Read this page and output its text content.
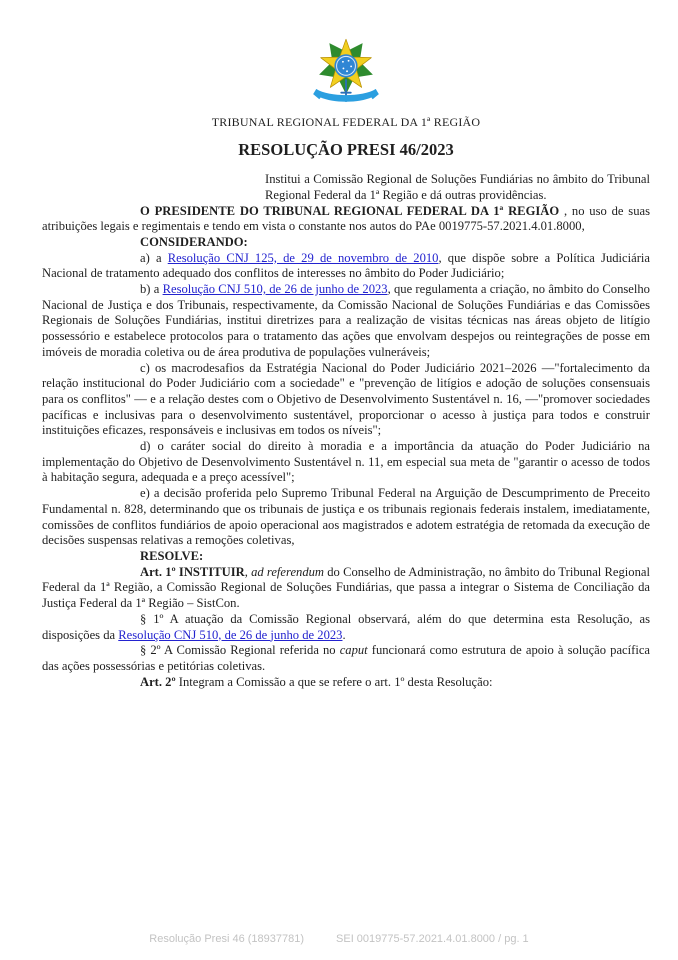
TRIBUNAL REGIONAL FEDERAL DA 1ª REGIÃO
RESOLUÇÃO PRESI 46/2023
Institui a Comissão Regional de Soluções Fundiárias no âmbito do Tribunal Regional Federal da 1ª Região e dá outras providências.

O PRESIDENTE DO TRIBUNAL REGIONAL FEDERAL DA 1ª REGIÃO , no uso de suas atribuições legais e regimentais e tendo em vista o constante nos autos do PAe 0019775-57.2021.4.01.8000,

CONSIDERANDO:

a) a Resolução CNJ 125, de 29 de novembro de 2010, que dispõe sobre a Política Judiciária Nacional de tratamento adequado dos conflitos de interesses no âmbito do Poder Judiciário;

b) a Resolução CNJ 510, de 26 de junho de 2023, que regulamenta a criação, no âmbito do Conselho Nacional de Justiça e dos Tribunais, respectivamente, da Comissão Nacional de Soluções Fundiárias e das Comissões Regionais de Soluções Fundiárias, institui diretrizes para a realização de visitas técnicas nas áreas objeto de litígio possessório e estabelece protocolos para o tratamento das ações que envolvam despejos ou reintegrações de posse em imóveis de moradia coletiva ou de área produtiva de populações vulneráveis;

c) os macrodesafios da Estratégia Nacional do Poder Judiciário 2021–2026 —"fortalecimento da relação institucional do Poder Judiciário com a sociedade" e "prevenção de litígios e adoção de soluções consensuais para os conflitos" — e a relação destes com o Objetivo de Desenvolvimento Sustentável n. 16, —"promover sociedades pacíficas e inclusivas para o desenvolvimento sustentável, proporcionar o acesso à justiça para todos e construir instituições eficazes, responsáveis e inclusivas em todos os níveis";

d) o caráter social do direito à moradia e a importância da atuação do Poder Judiciário na implementação do Objetivo de Desenvolvimento Sustentável n. 11, em especial sua meta de "garantir o acesso de todos à habitação segura, adequada e a preço acessível";

e) a decisão proferida pelo Supremo Tribunal Federal na Arguição de Descumprimento de Preceito Fundamental n. 828, determinando que os tribunais de justiça e os tribunais regionais federais instalem, imediatamente, comissões de conflitos fundiários de apoio operacional aos magistrados e adotem estratégia de retomada da execução de decisões suspensas relativas a remoções coletivas,

RESOLVE:

Art. 1º INSTITUIR, ad referendum do Conselho de Administração, no âmbito do Tribunal Regional Federal da 1ª Região, a Comissão Regional de Soluções Fundiárias, que passa a integrar o Sistema de Conciliação da Justiça Federal da 1ª Região – SistCon.

§ 1º A atuação da Comissão Regional observará, além do que determina esta Resolução, as disposições da Resolução CNJ 510, de 26 de junho de 2023.

§ 2º A Comissão Regional referida no caput funcionará como estrutura de apoio à solução pacífica das ações possessórias e petitórias coletivas.

Art. 2º Integram a Comissão a que se refere o art. 1º desta Resolução:

Resolução Presi 46 (18937781)	SEI 0019775-57.2021.4.01.8000 / pg. 1
